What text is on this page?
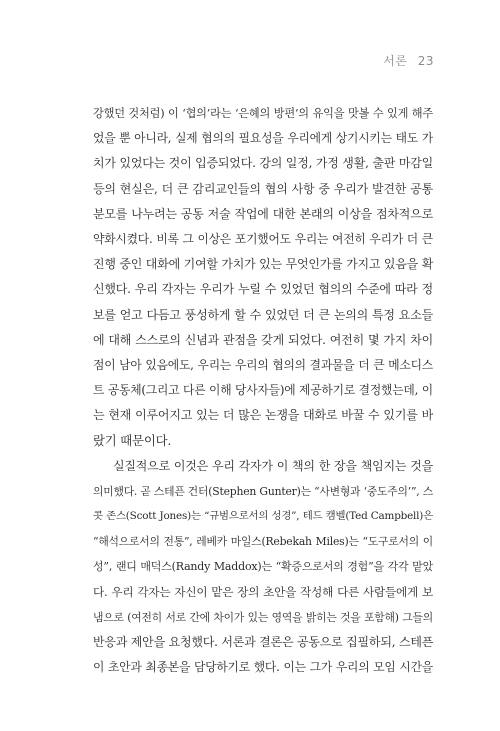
서론 23
강했던 것처럼) 이 ‘협의’라는 ‘은혜의 방편’의 유익을 맛볼 수 있게 해주
었을 뿐 아니라, 실제 협의의 필요성을 우리에게 상기시키는 태도 가
치가 있었다는 것이 입증되었다. 강의 일정, 가정 생활, 출판 마감일
등의 현실은, 더 큰 감리교인들의 협의 사항 중 우리가 발견한 공통
분모를 나누려는 공동 저술 작업에 대한 본래의 이상을 점차적으로
약화시켰다. 비록 그 이상은 포기했어도 우리는 여전히 우리가 더 큰
진행 중인 대화에 기여할 가치가 있는 무엇인가를 가지고 있음을 확
신했다. 우리 각자는 우리가 누릴 수 있었던 협의의 수준에 따라 정
보를 얻고 다듬고 풍성하게 할 수 있었던 더 큰 논의의 특정 요소들
에 대해 스스로의 신념과 관점을 갖게 되었다. 여전히 몇 가지 차이
점이 남아 있음에도, 우리는 우리의 협의의 결과물을 더 큰 메소디스
트 공동체(그리고 다른 이해 당사자들)에 제공하기로 결정했는데, 이
는 현재 이루어지고 있는 더 많은 논쟁을 대화로 바꿀 수 있기를 바
랐기 때문이다.
실질적으로 이것은 우리 각자가 이 책의 한 장을 책임지는 것을
의미했다. 곧 스테픈 건터(Stephen Gunter)는 “사변형과 ‘중도주의’”, 스
콧 존스(Scott Jones)는 “규범으로서의 성경”, 테드 캠벨(Ted Campbell)은
“해석으로서의 전통”, 레베카 마일스(Rebekah Miles)는 “도구로서의 이
성”, 랜디 매덕스(Randy Maddox)는 “확증으로서의 경험”을 각각 맡았
다. 우리 각자는 자신이 맡은 장의 초안을 작성해 다른 사람들에게 보
냄으로 (여전히 서로 간에 차이가 있는 영역을 밝히는 것을 포함해) 그들의
반응과 제안을 요청했다. 서론과 결론은 공동으로 집필하되, 스테픈
이 초안과 최종본을 담당하기로 했다. 이는 그가 우리의 모임 시간을
